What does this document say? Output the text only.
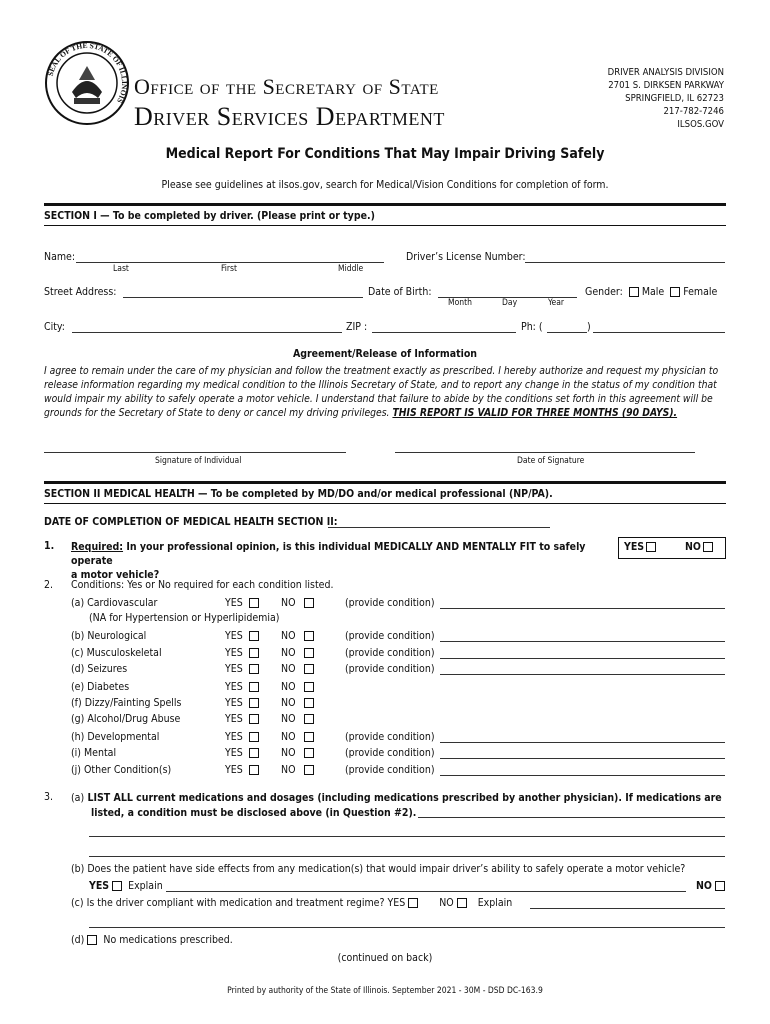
SEAL OF THE STATE OF ILLINOIS
Office of the Secretary of State
Driver Services Department
DRIVER ANALYSIS DIVISION
2701 S. DIRKSEN PARKWAY
SPRINGFIELD, IL 62723
217-782-7246
ILSOS.GOV
Medical Report For Conditions That May Impair Driving Safely
Please see guidelines at ilsos.gov, search for Medical/Vision Conditions for completion of form.
SECTION I — To be completed by driver. (Please print or type.)
Name:
Last	First	Middle
Driver’s License Number:
Street Address:	Date of Birth:
Month	Day	Year
Gender: Male Female
City:	ZIP :	Ph: (	)
Agreement/Release of Information
I agree to remain under the care of my physician and follow the treatment exactly as prescribed. I hereby authorize and request my physician to release information regarding my medical condition to the Illinois Secretary of State, and to report any change in the status of my condition that would impair my ability to safely operate a motor vehicle. I understand that failure to abide by the conditions set forth in this agreement will be grounds for the Secretary of State to deny or cancel my driving privileges. THIS REPORT IS VALID FOR THREE MONTHS (90 DAYS).
Signature of Individual	Date of Signature
SECTION II MEDICAL HEALTH — To be completed by MD/DO and/or medical professional (NP/PA).
DATE OF COMPLETION OF MEDICAL HEALTH SECTION II:
1. Required: In your professional opinion, is this individual MEDICALLY AND MENTALLY FIT to safely operate
a motor vehicle?
YES	NO
2. Conditions: Yes or No required for each condition listed.
(a) Cardiovascular	YES	NO	(provide condition)
(b) Neurological	YES	NO	(provide condition)
(c) Musculoskeletal	YES	NO	(provide condition)
(d) Seizures	YES	NO	(provide condition)
(e) Diabetes	YES	NO
(f) Dizzy/Fainting Spells	YES	NO
(g) Alcohol/Drug Abuse	YES	NO
(h) Developmental	YES	NO	(provide condition)
(i) Mental	YES	NO	(provide condition)
(j) Other Condition(s)	YES	NO	(provide condition)
(NA for Hypertension or Hyperlipidemia)
3. (a) LIST ALL current medications and dosages (including medications prescribed by another physician). If medications are
listed, a condition must be disclosed above (in Question #2).
(b) Does the patient have side effects from any medication(s) that would impair driver’s ability to safely operate a motor vehicle?
YES Explain	NO
(c) Is the driver compliant with medication and treatment regime? YES	NO Explain
(d) No medications prescribed.
(continued on back)
Printed by authority of the State of Illinois. September 2021 - 30M - DSD DC-163.9
